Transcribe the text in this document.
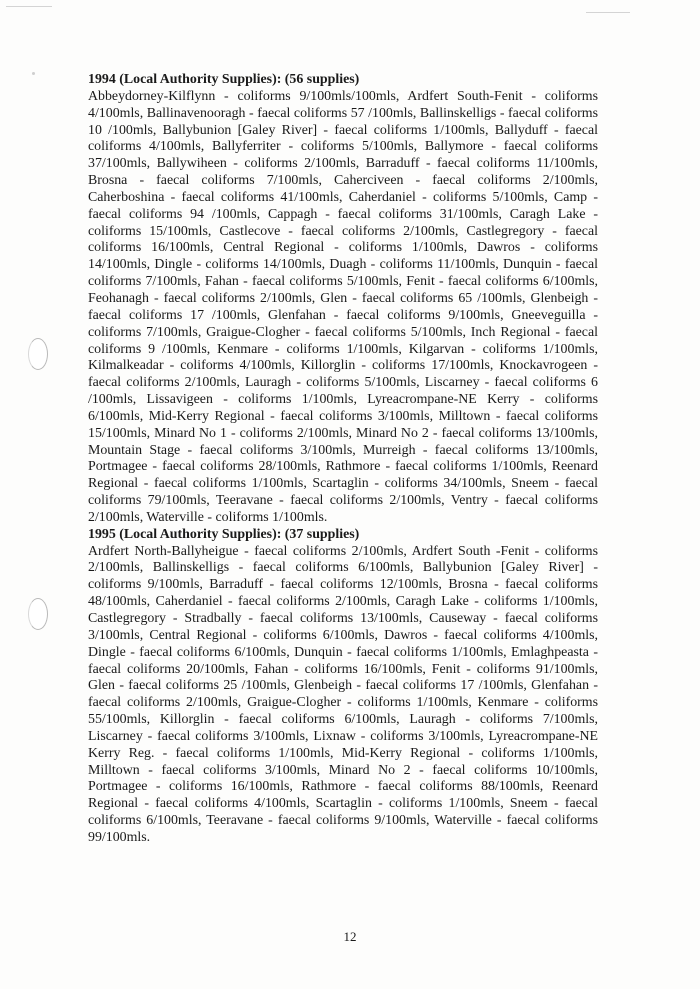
1994 (Local Authority Supplies): (56 supplies)

Abbeydorney-Kilflynn - coliforms 9/100mls/100mls, Ardfert South-Fenit - coliforms 4/100mls, Ballinavenooragh - faecal coliforms 57 /100mls, Ballinskelligs - faecal coliforms 10 /100mls, Ballybunion [Galey River] - faecal coliforms 1/100mls, Ballyduff - faecal coliforms 4/100mls, Ballyferriter - coliforms 5/100mls, Ballymore - faecal coliforms 37/100mls, Ballywiheen - coliforms 2/100mls, Barraduff - faecal coliforms 11/100mls, Brosna - faecal coliforms 7/100mls, Caherciveen - faecal coliforms 2/100mls, Caherboshina - faecal coliforms 41/100mls, Caherdaniel - coliforms 5/100mls, Camp - faecal coliforms 94 /100mls, Cappagh - faecal coliforms 31/100mls, Caragh Lake - coliforms 15/100mls, Castlecove - faecal coliforms 2/100mls, Castlegregory - faecal coliforms 16/100mls, Central Regional - coliforms 1/100mls, Dawros - coliforms 14/100mls, Dingle - coliforms 14/100mls, Duagh - coliforms 11/100mls, Dunquin - faecal coliforms 7/100mls, Fahan - faecal coliforms 5/100mls, Fenit - faecal coliforms 6/100mls, Feohanagh - faecal coliforms 2/100mls, Glen - faecal coliforms 65 /100mls, Glenbeigh - faecal coliforms 17 /100mls, Glenfahan - faecal coliforms 9/100mls, Gneeveguilla - coliforms 7/100mls, Graigue-Clogher - faecal coliforms 5/100mls, Inch Regional - faecal coliforms 9 /100mls, Kenmare - coliforms 1/100mls, Kilgarvan - coliforms 1/100mls, Kilmalkeadar - coliforms 4/100mls, Killorglin - coliforms 17/100mls, Knockavrogeen - faecal coliforms 2/100mls, Lauragh - coliforms 5/100mls, Liscarney - faecal coliforms 6 /100mls, Lissavigeen - coliforms 1/100mls, Lyreacrompane-NE Kerry - coliforms 6/100mls, Mid-Kerry Regional - faecal coliforms 3/100mls, Milltown - faecal coliforms 15/100mls, Minard No 1 - coliforms 2/100mls, Minard No 2 - faecal coliforms 13/100mls, Mountain Stage - faecal coliforms 3/100mls, Murreigh - faecal coliforms 13/100mls, Portmagee - faecal coliforms 28/100mls, Rathmore - faecal coliforms 1/100mls, Reenard Regional - faecal coliforms 1/100mls, Scartaglin - coliforms 34/100mls, Sneem - faecal coliforms 79/100mls, Teeravane - faecal coliforms 2/100mls, Ventry - faecal coliforms 2/100mls, Waterville - coliforms 1/100mls.

1995 (Local Authority Supplies): (37 supplies)

Ardfert North-Ballyheigue - faecal coliforms 2/100mls, Ardfert South -Fenit - coliforms 2/100mls, Ballinskelligs - faecal coliforms 6/100mls, Ballybunion [Galey River] - coliforms 9/100mls, Barraduff - faecal coliforms 12/100mls, Brosna - faecal coliforms 48/100mls, Caherdaniel - faecal coliforms 2/100mls, Caragh Lake - coliforms 1/100mls, Castlegregory - Stradbally - faecal coliforms 13/100mls, Causeway - faecal coliforms 3/100mls, Central Regional - coliforms 6/100mls, Dawros - faecal coliforms 4/100mls, Dingle - faecal coliforms 6/100mls, Dunquin - faecal coliforms 1/100mls, Emlaghpeasta - faecal coliforms 20/100mls, Fahan - coliforms 16/100mls, Fenit - coliforms 91/100mls, Glen - faecal coliforms 25 /100mls, Glenbeigh - faecal coliforms 17 /100mls, Glenfahan - faecal coliforms 2/100mls, Graigue-Clogher - coliforms 1/100mls, Kenmare - coliforms 55/100mls, Killorglin - faecal coliforms 6/100mls, Lauragh - coliforms 7/100mls, Liscarney - faecal coliforms 3/100mls, Lixnaw - coliforms 3/100mls, Lyreacrompane-NE Kerry Reg. - faecal coliforms 1/100mls, Mid-Kerry Regional - coliforms 1/100mls, Milltown - faecal coliforms 3/100mls, Minard No 2 - faecal coliforms 10/100mls, Portmagee - coliforms 16/100mls, Rathmore - faecal coliforms 88/100mls, Reenard Regional - faecal coliforms 4/100mls, Scartaglin - coliforms 1/100mls, Sneem - faecal coliforms 6/100mls, Teeravane - faecal coliforms 9/100mls, Waterville - faecal coliforms 99/100mls.

12
